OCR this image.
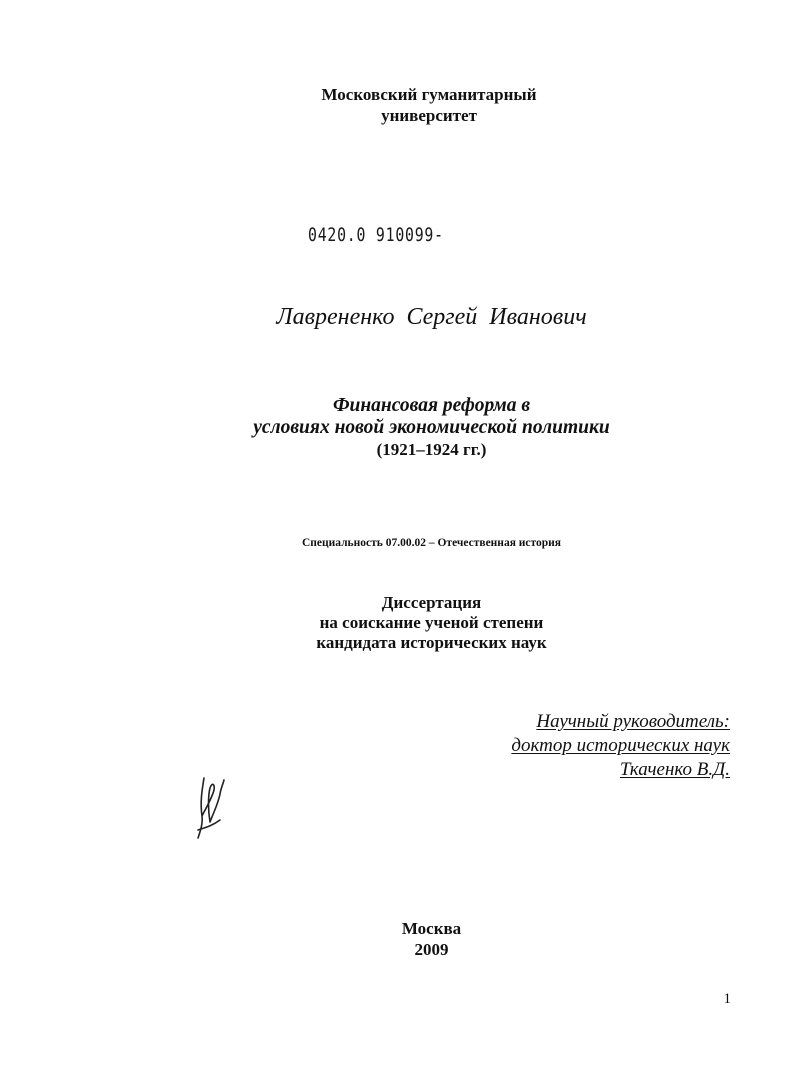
Московский гуманитарный
университет
0420.0 910099-
Лаврененко Сергей Иванович
Финансовая реформа в
условиях новой экономической политики
(1921–1924 гг.)
Специальность 07.00.02 – Отечественная история
Диссертация
на соискание ученой степени
кандидата исторических наук
Научный руководитель:
доктор исторических наук
Ткаченко В.Д.
Москва
2009
1
